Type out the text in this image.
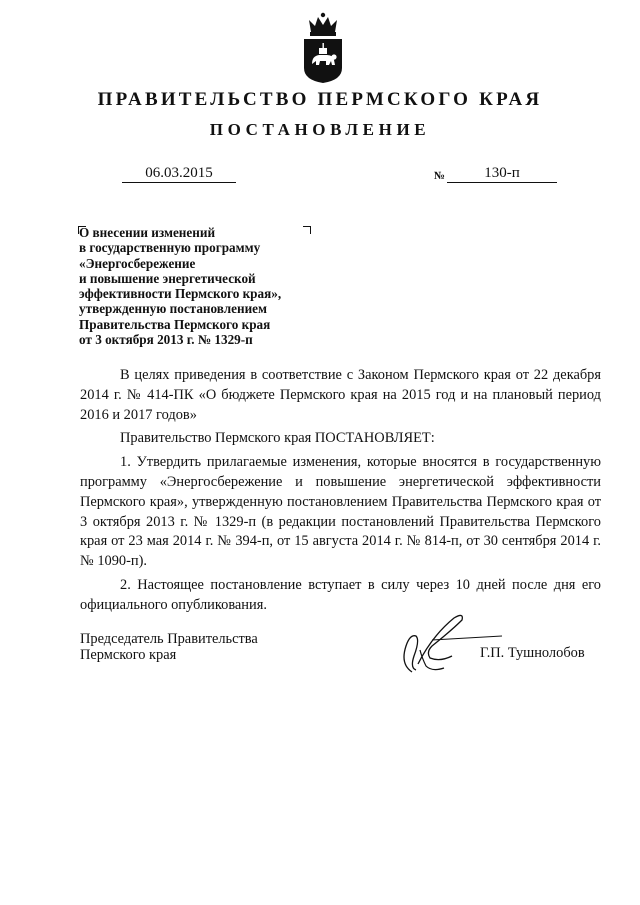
ПРАВИТЕЛЬСТВО ПЕРМСКОГО КРАЯ
ПОСТАНОВЛЕНИЕ
06.03.2015	№	130-п
О внесении изменений
в государственную программу
«Энергосбережение
и повышение энергетической
эффективности Пермского края»,
утвержденную постановлением
Правительства Пермского края
от 3 октября 2013 г. № 1329-п

В целях приведения в соответствие с Законом Пермского края от 22 декабря 2014 г. № 414-ПК «О бюджете Пермского края на 2015 год и на плановый период 2016 и 2017 годов»

Правительство Пермского края ПОСТАНОВЛЯЕТ:

1. Утвердить прилагаемые изменения, которые вносятся в государственную программу «Энергосбережение и повышение энергетической эффективности Пермского края», утвержденную постановлением Правительства Пермского края от 3 октября 2013 г. № 1329-п (в редакции постановлений Правительства Пермского края от 23 мая 2014 г. № 394-п, от 15 августа 2014 г. № 814-п, от 30 сентября 2014 г. № 1090-п).

2. Настоящее постановление вступает в силу через 10 дней после дня его официального опубликования.

Председатель Правительства
Пермского края	Г.П. Тушнолобов
